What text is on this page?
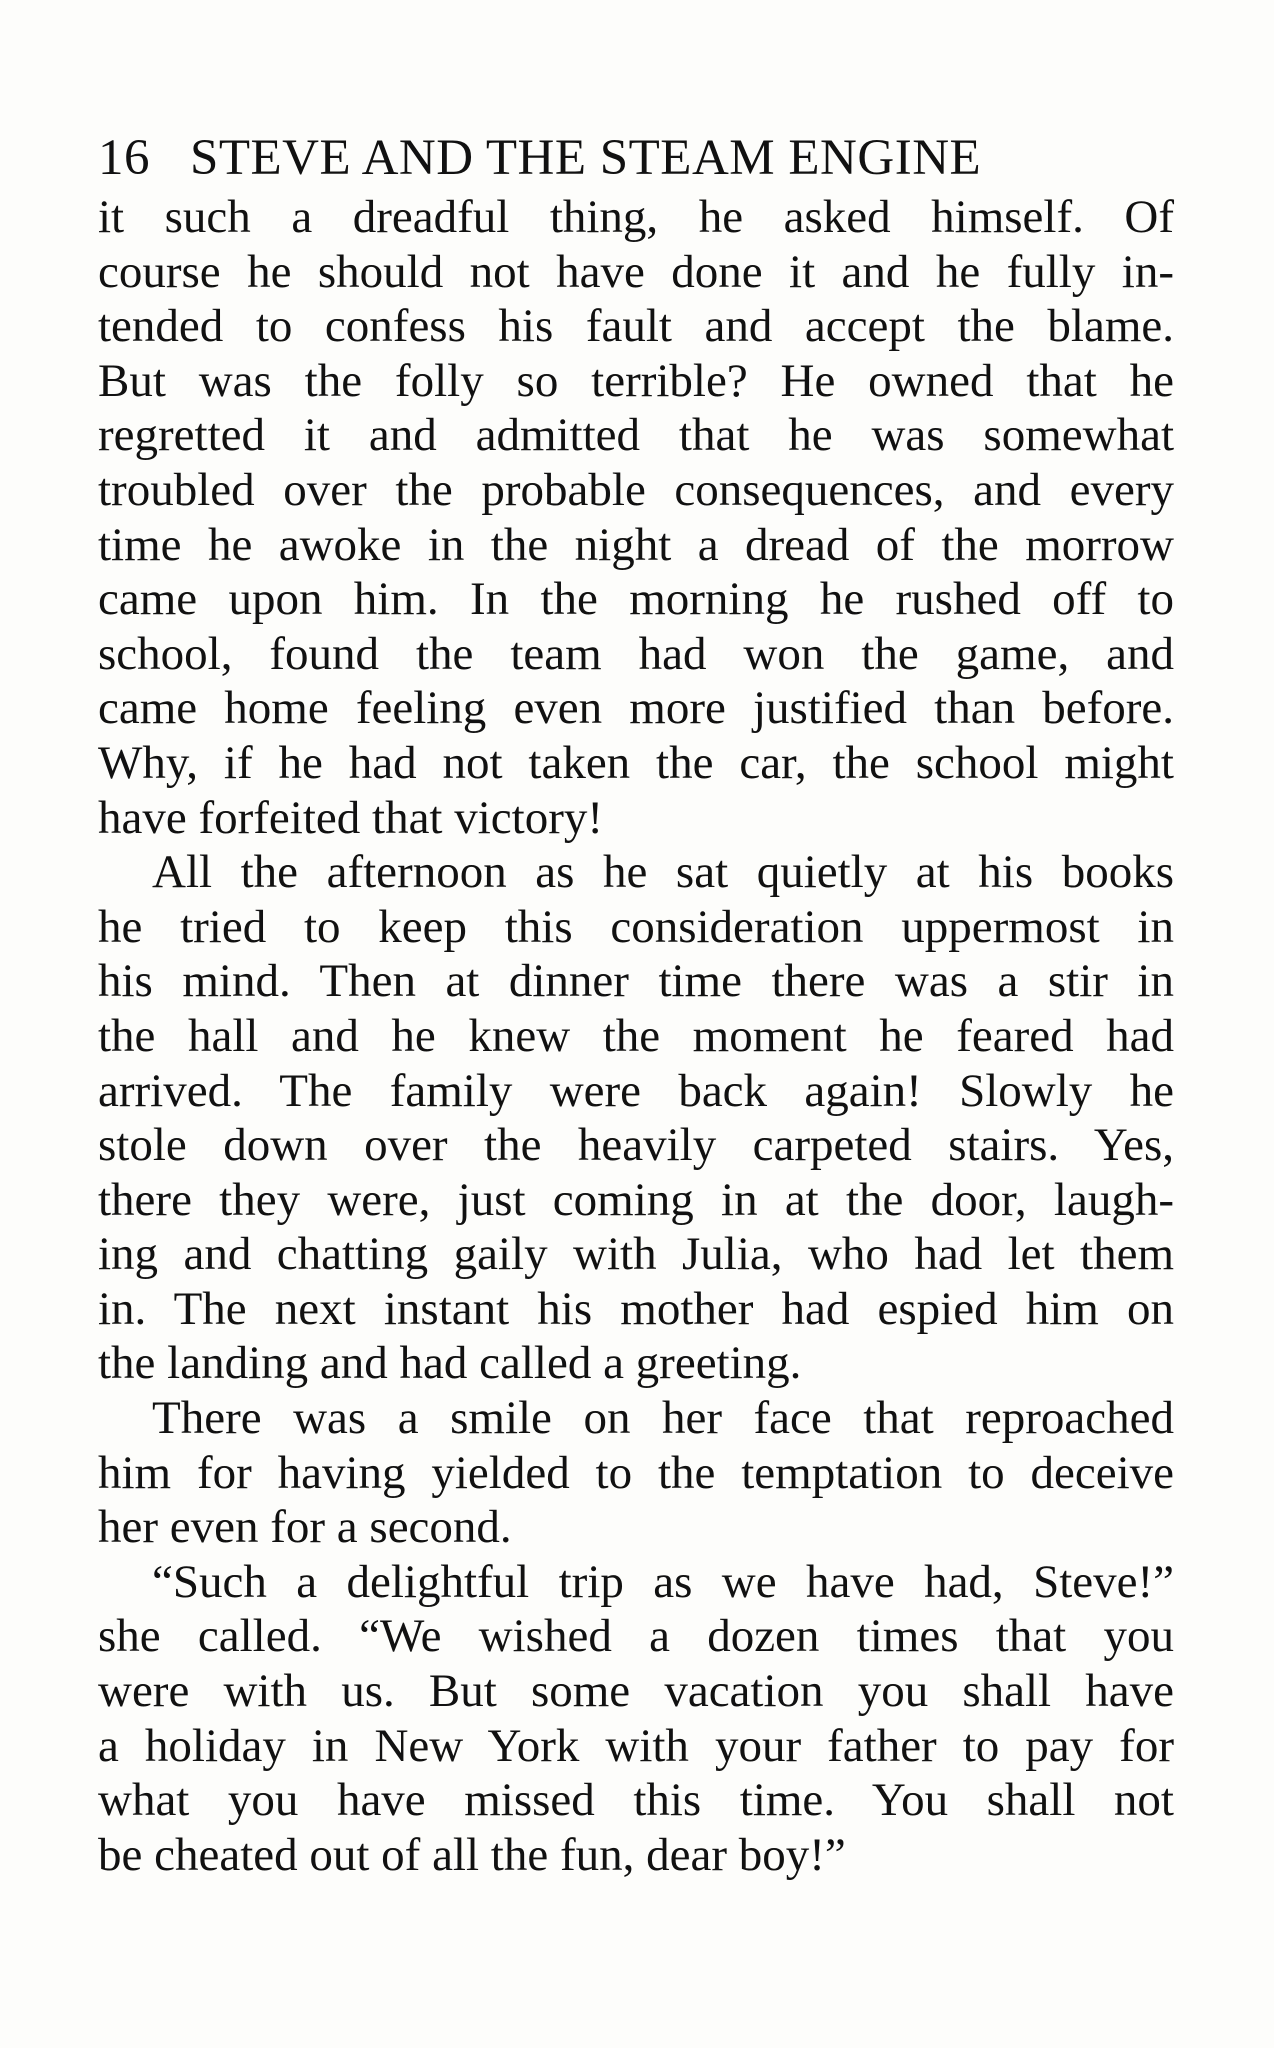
16 STEVE AND THE STEAM ENGINE
it such a dreadful thing, he asked himself. Of
course he should not have done it and he fully in-
tended to confess his fault and accept the blame.
But was the folly so terrible? He owned that he
regretted it and admitted that he was somewhat
troubled over the probable consequences, and every
time he awoke in the night a dread of the morrow
came upon him. In the morning he rushed off to
school, found the team had won the game, and
came home feeling even more justified than before.
Why, if he had not taken the car, the school might
have forfeited that victory!
All the afternoon as he sat quietly at his books
he tried to keep this consideration uppermost in
his mind. Then at dinner time there was a stir in
the hall and he knew the moment he feared had
arrived. The family were back again! Slowly he
stole down over the heavily carpeted stairs. Yes,
there they were, just coming in at the door, laugh-
ing and chatting gaily with Julia, who had let them
in. The next instant his mother had espied him on
the landing and had called a greeting.
There was a smile on her face that reproached
him for having yielded to the temptation to deceive
her even for a second.
“Such a delightful trip as we have had, Steve!”
she called. “We wished a dozen times that you
were with us. But some vacation you shall have
a holiday in New York with your father to pay for
what you have missed this time. You shall not
be cheated out of all the fun, dear boy!”
